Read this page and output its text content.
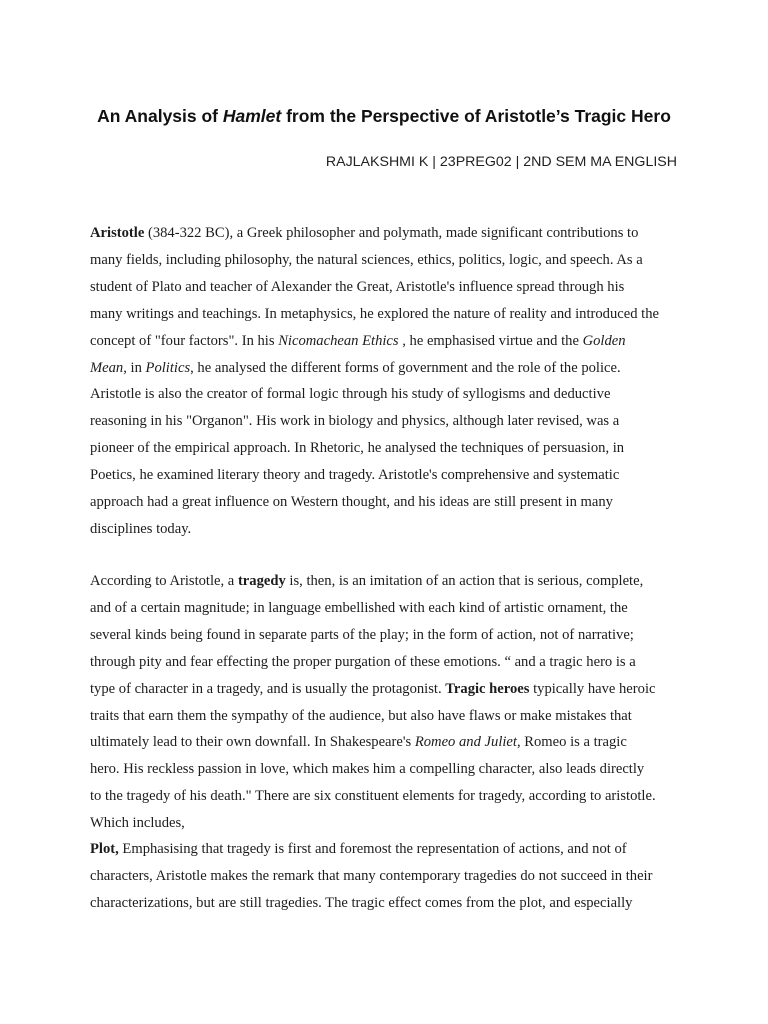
An Analysis of Hamlet from the Perspective of Aristotle’s Tragic Hero
RAJLAKSHMI K | 23PREG02 | 2ND SEM MA ENGLISH
Aristotle (384-322 BC), a Greek philosopher and polymath, made significant contributions to
many fields, including philosophy, the natural sciences, ethics, politics, logic, and speech. As a
student of Plato and teacher of Alexander the Great, Aristotle's influence spread through his
many writings and teachings. In metaphysics, he explored the nature of reality and introduced the
concept of "four factors". In his Nicomachean Ethics , he emphasised virtue and the Golden
Mean, in Politics, he analysed the different forms of government and the role of the police.
Aristotle is also the creator of formal logic through his study of syllogisms and deductive
reasoning in his "Organon". His work in biology and physics, although later revised, was a
pioneer of the empirical approach. In Rhetoric, he analysed the techniques of persuasion, in
Poetics, he examined literary theory and tragedy. Aristotle's comprehensive and systematic
approach had a great influence on Western thought, and his ideas are still present in many
disciplines today.
According to Aristotle, a tragedy is, then, is an imitation of an action that is serious, complete,
and of a certain magnitude; in language embellished with each kind of artistic ornament, the
several kinds being found in separate parts of the play; in the form of action, not of narrative;
through pity and fear effecting the proper purgation of these emotions. “ and a tragic hero is a
type of character in a tragedy, and is usually the protagonist. Tragic heroes typically have heroic
traits that earn them the sympathy of the audience, but also have flaws or make mistakes that
ultimately lead to their own downfall. In Shakespeare's Romeo and Juliet, Romeo is a tragic
hero. His reckless passion in love, which makes him a compelling character, also leads directly
to the tragedy of his death." There are six constituent elements for tragedy, according to aristotle.
Which includes,
Plot, Emphasising that tragedy is first and foremost the representation of actions, and not of
characters, Aristotle makes the remark that many contemporary tragedies do not succeed in their
characterizations, but are still tragedies. The tragic effect comes from the plot, and especially
